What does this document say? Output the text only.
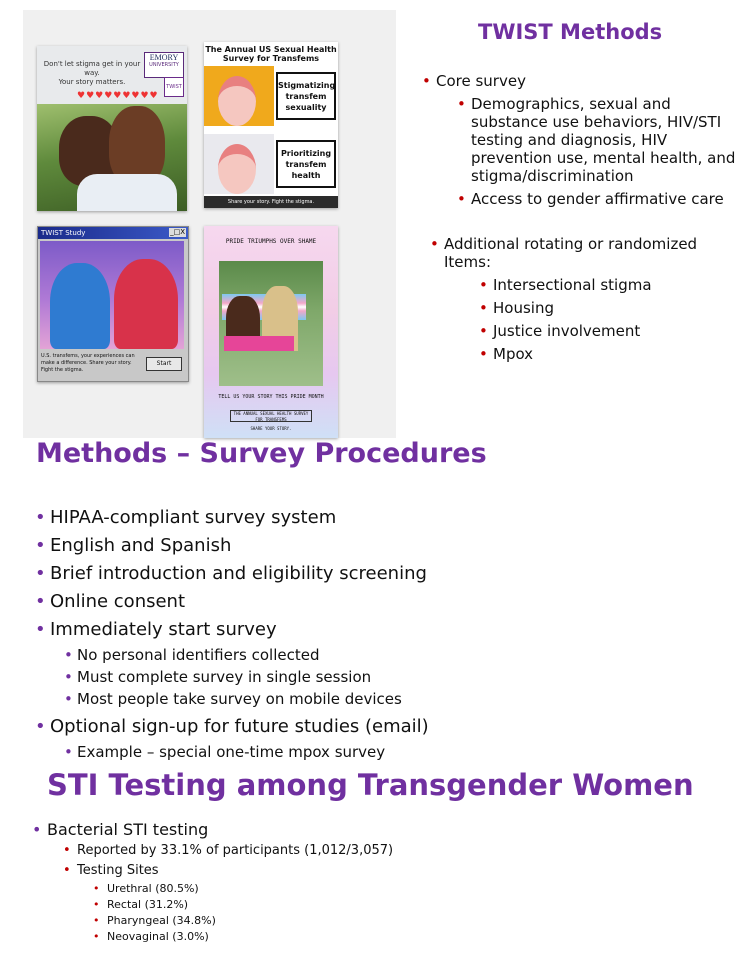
Don't let stigma get in your way.
Your story matters.
EMORY
UNIVERSITY
TWIST
♥♥♥♥♥♥♥♥♥
The Annual US Sexual Health Survey for Transfems
Stigmatizing transfem sexuality
Prioritizing transfem health
Share your story. Fight the stigma.
TWIST Study	_□X
U.S. transfems, your experiences can make a difference. Share your story. Fight the stigma.
Start
PRIDE TRIUMPHS OVER SHAME
TELL US YOUR STORY THIS PRIDE MONTH
THE ANNUAL SEXUAL HEALTH SURVEY FOR TRANSFEMS
SHARE YOUR STORY.
TWIST Methods
• Core survey
• Demographics, sexual and substance use behaviors, HIV/STI testing and diagnosis, HIV prevention use, mental health, and stigma/discrimination
• Access to gender affirmative care
• Additional rotating or randomized Items:
• Intersectional stigma
• Housing
• Justice involvement
• Mpox
Methods – Survey Procedures
• HIPAA-compliant survey system
• English and Spanish
• Brief introduction and eligibility screening
• Online consent
• Immediately start survey
• No personal identifiers collected
• Must complete survey in single session
• Most people take survey on mobile devices
• Optional sign-up for future studies (email)
• Example – special one-time mpox survey
STI Testing among Transgender Women
• Bacterial STI testing
• Reported by 33.1% of participants (1,012/3,057)
• Testing Sites
• Urethral (80.5%)
• Rectal (31.2%)
• Pharyngeal (34.8%)
• Neovaginal (3.0%)
